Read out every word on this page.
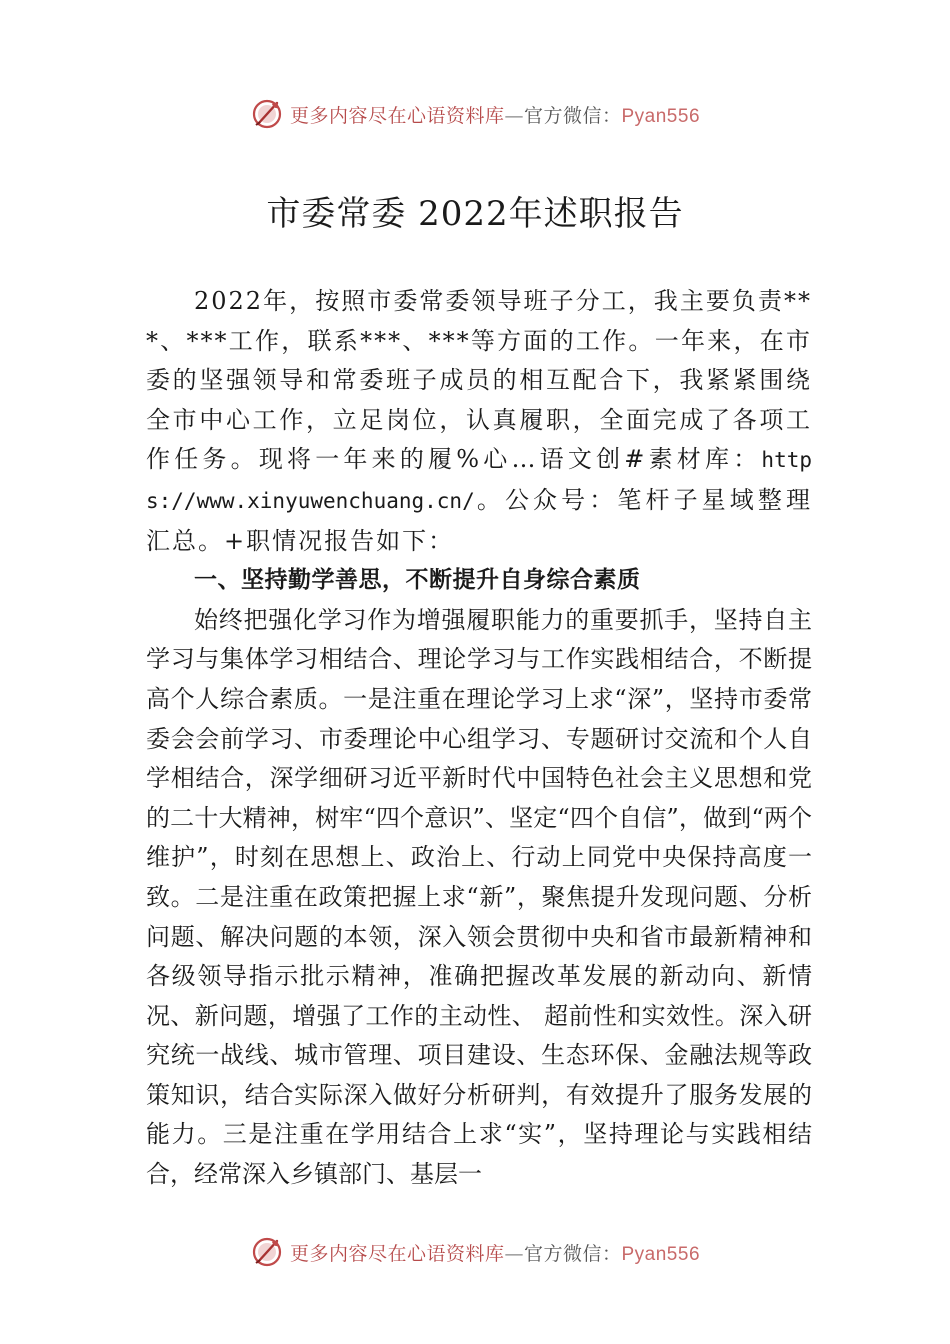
更多内容尽在心语资料库—官方微信：Pyan556
市委常委 2022年述职报告

2022年，按照市委常委领导班子分工，我主要负责***、***工作，联系***、***等方面的工作。一年来，在市委的坚强领导和常委班子成员的相互配合下，我紧紧围绕全市中心工作，立足岗位，认真履职，全面完成了各项工作任务。现将一年来的履%心…语文创#素材库：https://www.xinyuwenchuang.cn/。公众号：笔杆子星域整理汇总。+职情况报告如下：

一、坚持勤学善思，不断提升自身综合素质

始终把强化学习作为增强履职能力的重要抓手，坚持自主学习与集体学习相结合、理论学习与工作实践相结合，不断提高个人综合素质。一是注重在理论学习上求“深”，坚持市委常委会会前学习、市委理论中心组学习、专题研讨交流和个人自学相结合，深学细研习近平新时代中国特色社会主义思想和党的二十大精神，树牢“四个意识”、坚定“四个自信”，做到“两个维护”，时刻在思想上、政治上、行动上同党中央保持高度一致。二是注重在政策把握上求“新”，聚焦提升发现问题、分析问题、解决问题的本领，深入领会贯彻中央和省市最新精神和各级领导指示批示精神，准确把握改革发展的新动向、新情况、新问题，增强了工作的主动性、 超前性和实效性。深入研究统一战线、城市管理、项目建设、生态环保、金融法规等政策知识，结合实际深入做好分析研判，有效提升了服务发展的能力。三是注重在学用结合上求“实”，坚持理论与实践相结合，经常深入乡镇部门、基层一

更多内容尽在心语资料库—官方微信：Pyan556
